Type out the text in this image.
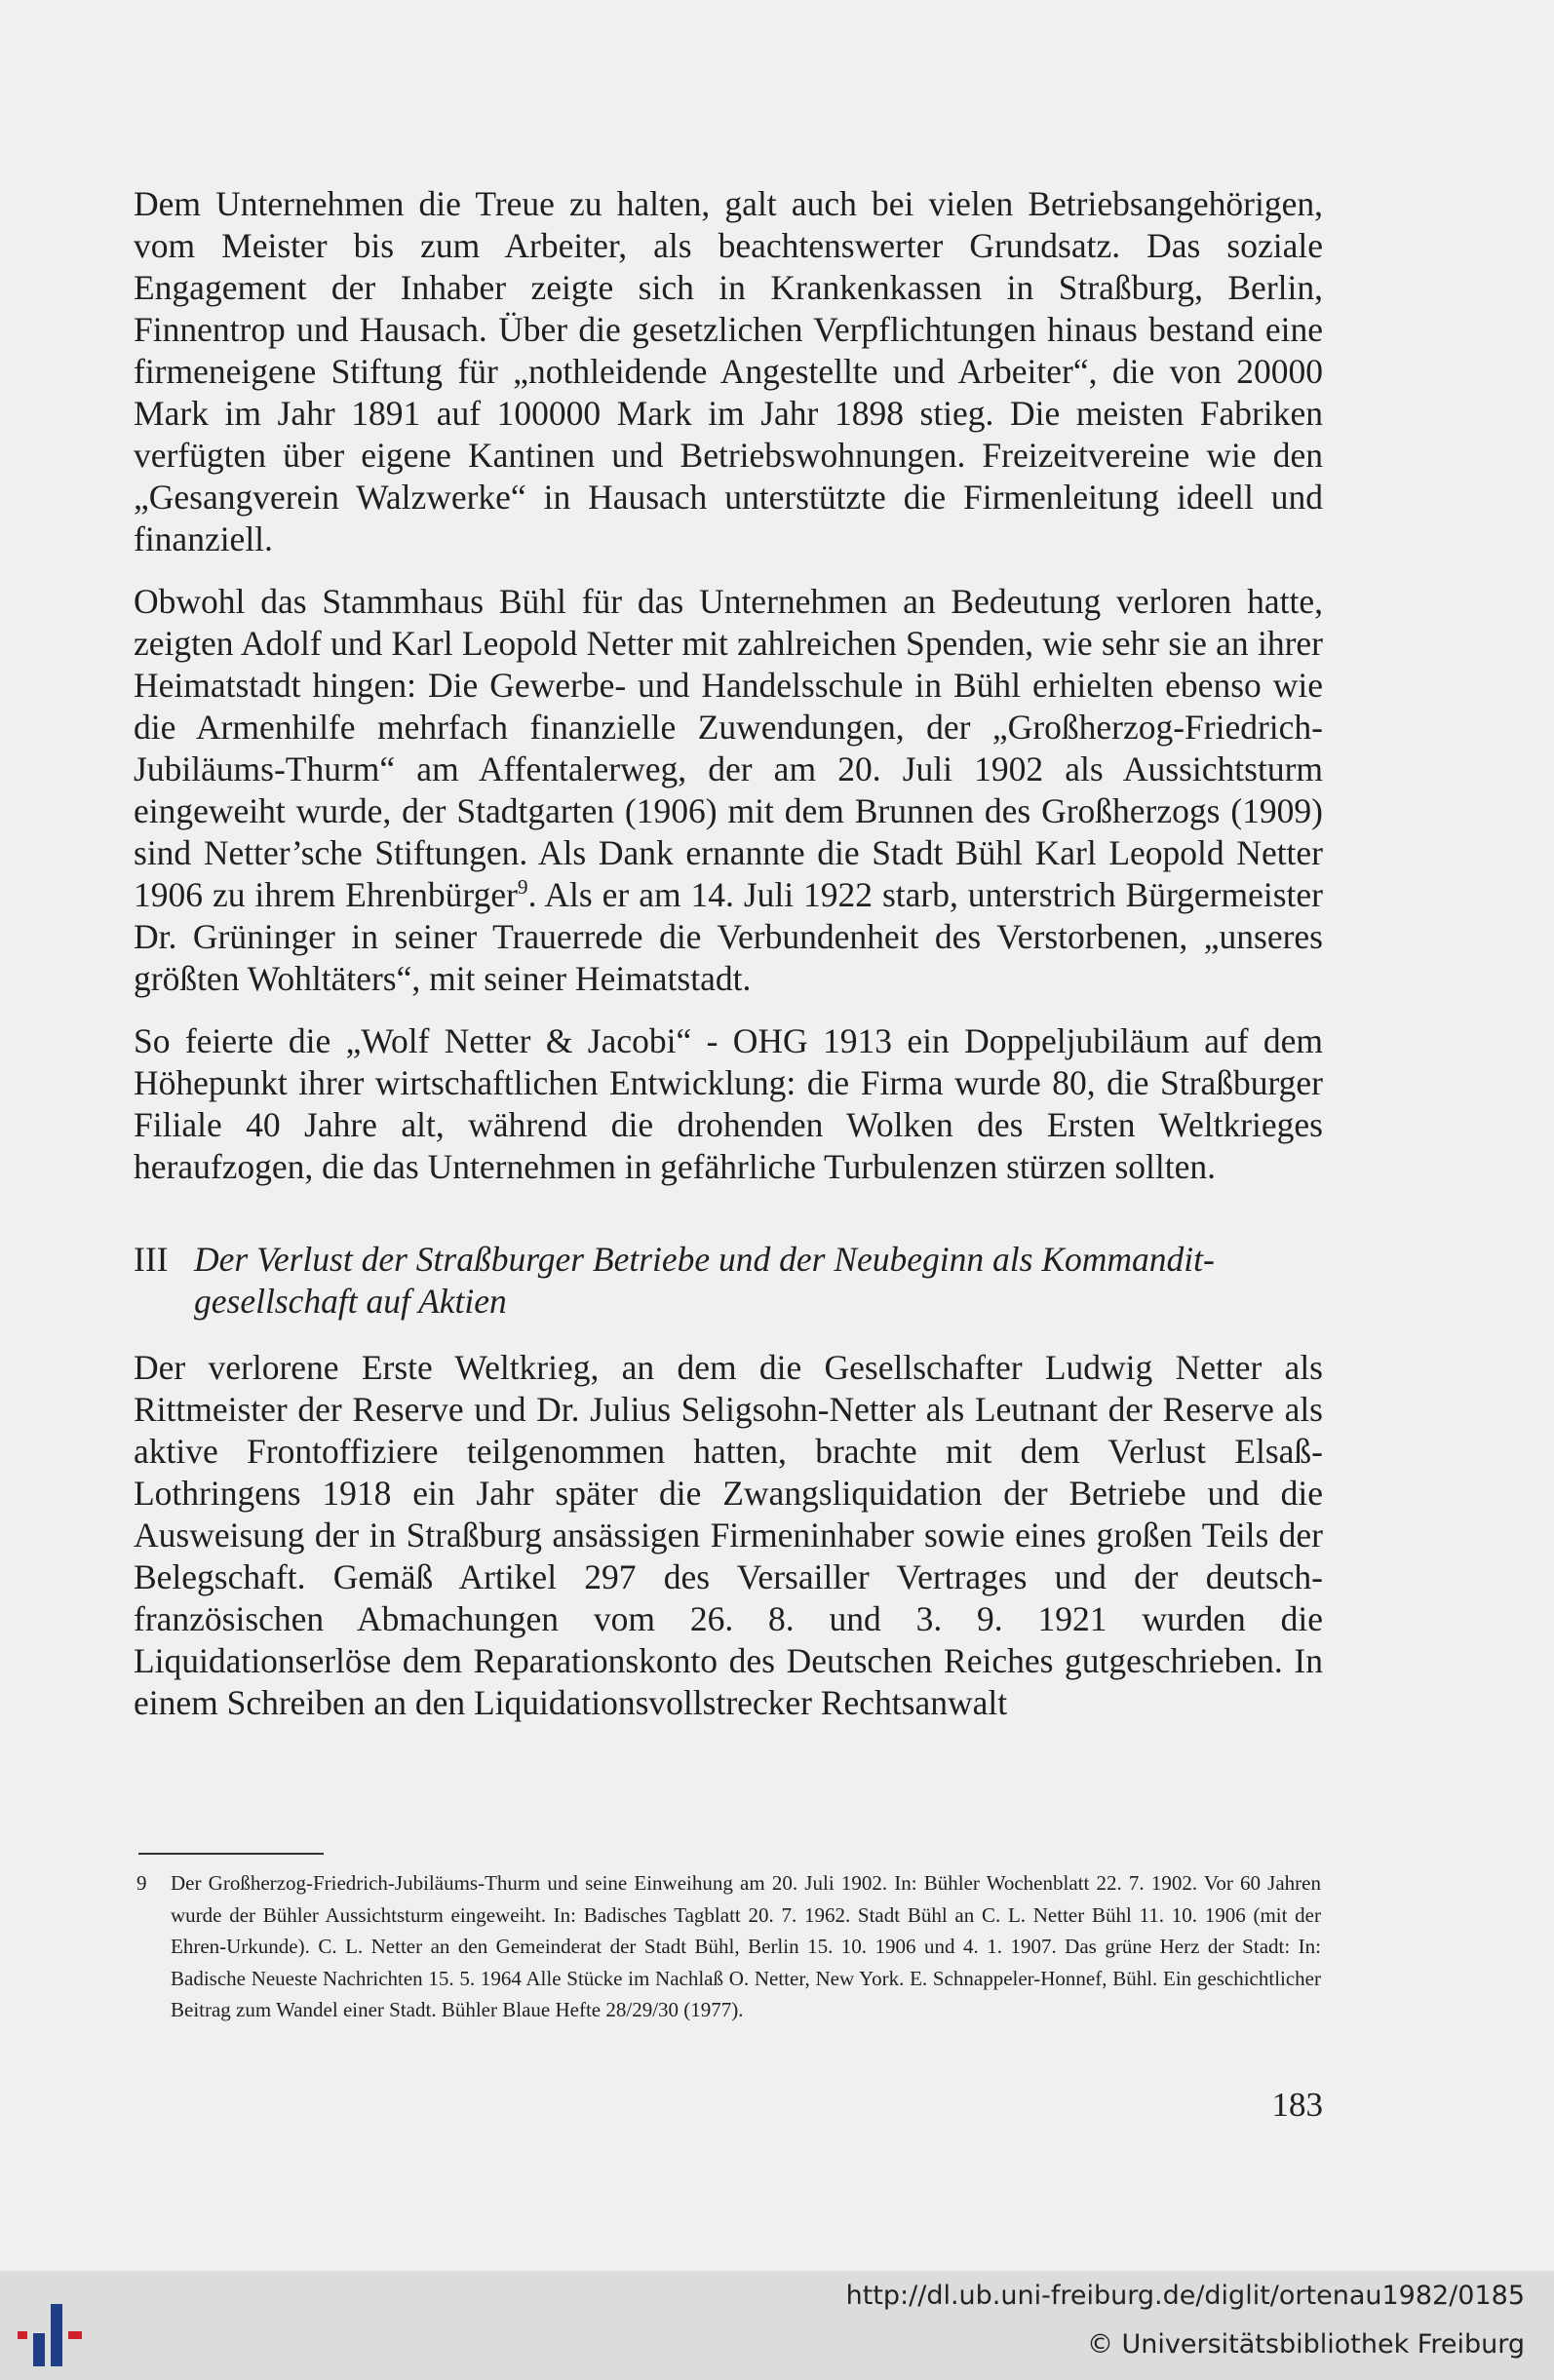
Dem Unternehmen die Treue zu halten, galt auch bei vielen Betriebsangehörigen, vom Meister bis zum Arbeiter, als beachtenswerter Grundsatz. Das soziale Engagement der Inhaber zeigte sich in Krankenkassen in Straßburg, Berlin, Finnentrop und Hausach. Über die gesetzlichen Verpflichtungen hinaus bestand eine firmeneigene Stiftung für „nothleidende Angestellte und Arbeiter“, die von 20000 Mark im Jahr 1891 auf 100000 Mark im Jahr 1898 stieg. Die meisten Fabriken verfügten über eigene Kantinen und Betriebswohnungen. Freizeitvereine wie den „Gesangverein Walzwerke“ in Hausach unterstützte die Firmenleitung ideell und finanziell.

Obwohl das Stammhaus Bühl für das Unternehmen an Bedeutung verloren hatte, zeigten Adolf und Karl Leopold Netter mit zahlreichen Spenden, wie sehr sie an ihrer Heimatstadt hingen: Die Gewerbe- und Handelsschule in Bühl erhielten ebenso wie die Armenhilfe mehrfach finanzielle Zuwendungen, der „Großherzog-Friedrich-Jubiläums-Thurm“ am Affentalerweg, der am 20. Juli 1902 als Aussichtsturm eingeweiht wurde, der Stadtgarten (1906) mit dem Brunnen des Großherzogs (1909) sind Netter’sche Stiftungen. Als Dank ernannte die Stadt Bühl Karl Leopold Netter 1906 zu ihrem Ehrenbürger$^9$. Als er am 14. Juli 1922 starb, unterstrich Bürgermeister Dr. Grüninger in seiner Trauerrede die Verbundenheit des Verstorbenen, „unseres größten Wohltäters“, mit seiner Heimatstadt.

So feierte die „Wolf Netter & Jacobi“ - OHG 1913 ein Doppeljubiläum auf dem Höhepunkt ihrer wirtschaftlichen Entwicklung: die Firma wurde 80, die Straßburger Filiale 40 Jahre alt, während die drohenden Wolken des Ersten Weltkrieges heraufzogen, die das Unternehmen in gefährliche Turbulenzen stürzen sollten.

III Der Verlust der Straßburger Betriebe und der Neubeginn als Kommanditgesellschaft auf Aktien

Der verlorene Erste Weltkrieg, an dem die Gesellschafter Ludwig Netter als Rittmeister der Reserve und Dr. Julius Seligsohn-Netter als Leutnant der Reserve als aktive Frontoffiziere teilgenommen hatten, brachte mit dem Verlust Elsaß-Lothringens 1918 ein Jahr später die Zwangsliquidation der Betriebe und die Ausweisung der in Straßburg ansässigen Firmeninhaber sowie eines großen Teils der Belegschaft. Gemäß Artikel 297 des Versailler Vertrages und der deutsch-französischen Abmachungen vom 26. 8. und 3. 9. 1921 wurden die Liquidationserlöse dem Reparationskonto des Deutschen Reiches gutgeschrieben. In einem Schreiben an den Liquidationsvollstrecker Rechtsanwalt

9 Der Großherzog-Friedrich-Jubiläums-Thurm und seine Einweihung am 20. Juli 1902. In: Bühler Wochenblatt 22. 7. 1902. Vor 60 Jahren wurde der Bühler Aussichtsturm eingeweiht. In: Badisches Tagblatt 20. 7. 1962. Stadt Bühl an C. L. Netter Bühl 11. 10. 1906 (mit der Ehren-Urkunde). C. L. Netter an den Gemeinderat der Stadt Bühl, Berlin 15. 10. 1906 und 4. 1. 1907. Das grüne Herz der Stadt: In: Badische Neueste Nachrichten 15. 5. 1964 Alle Stücke im Nachlaß O. Netter, New York. E. Schnappeler-Honnef, Bühl. Ein geschichtlicher Beitrag zum Wandel einer Stadt. Bühler Blaue Hefte 28/29/30 (1977).
183
http://dl.ub.uni-freiburg.de/diglit/ortenau1982/0185
© Universitätsbibliothek Freiburg
